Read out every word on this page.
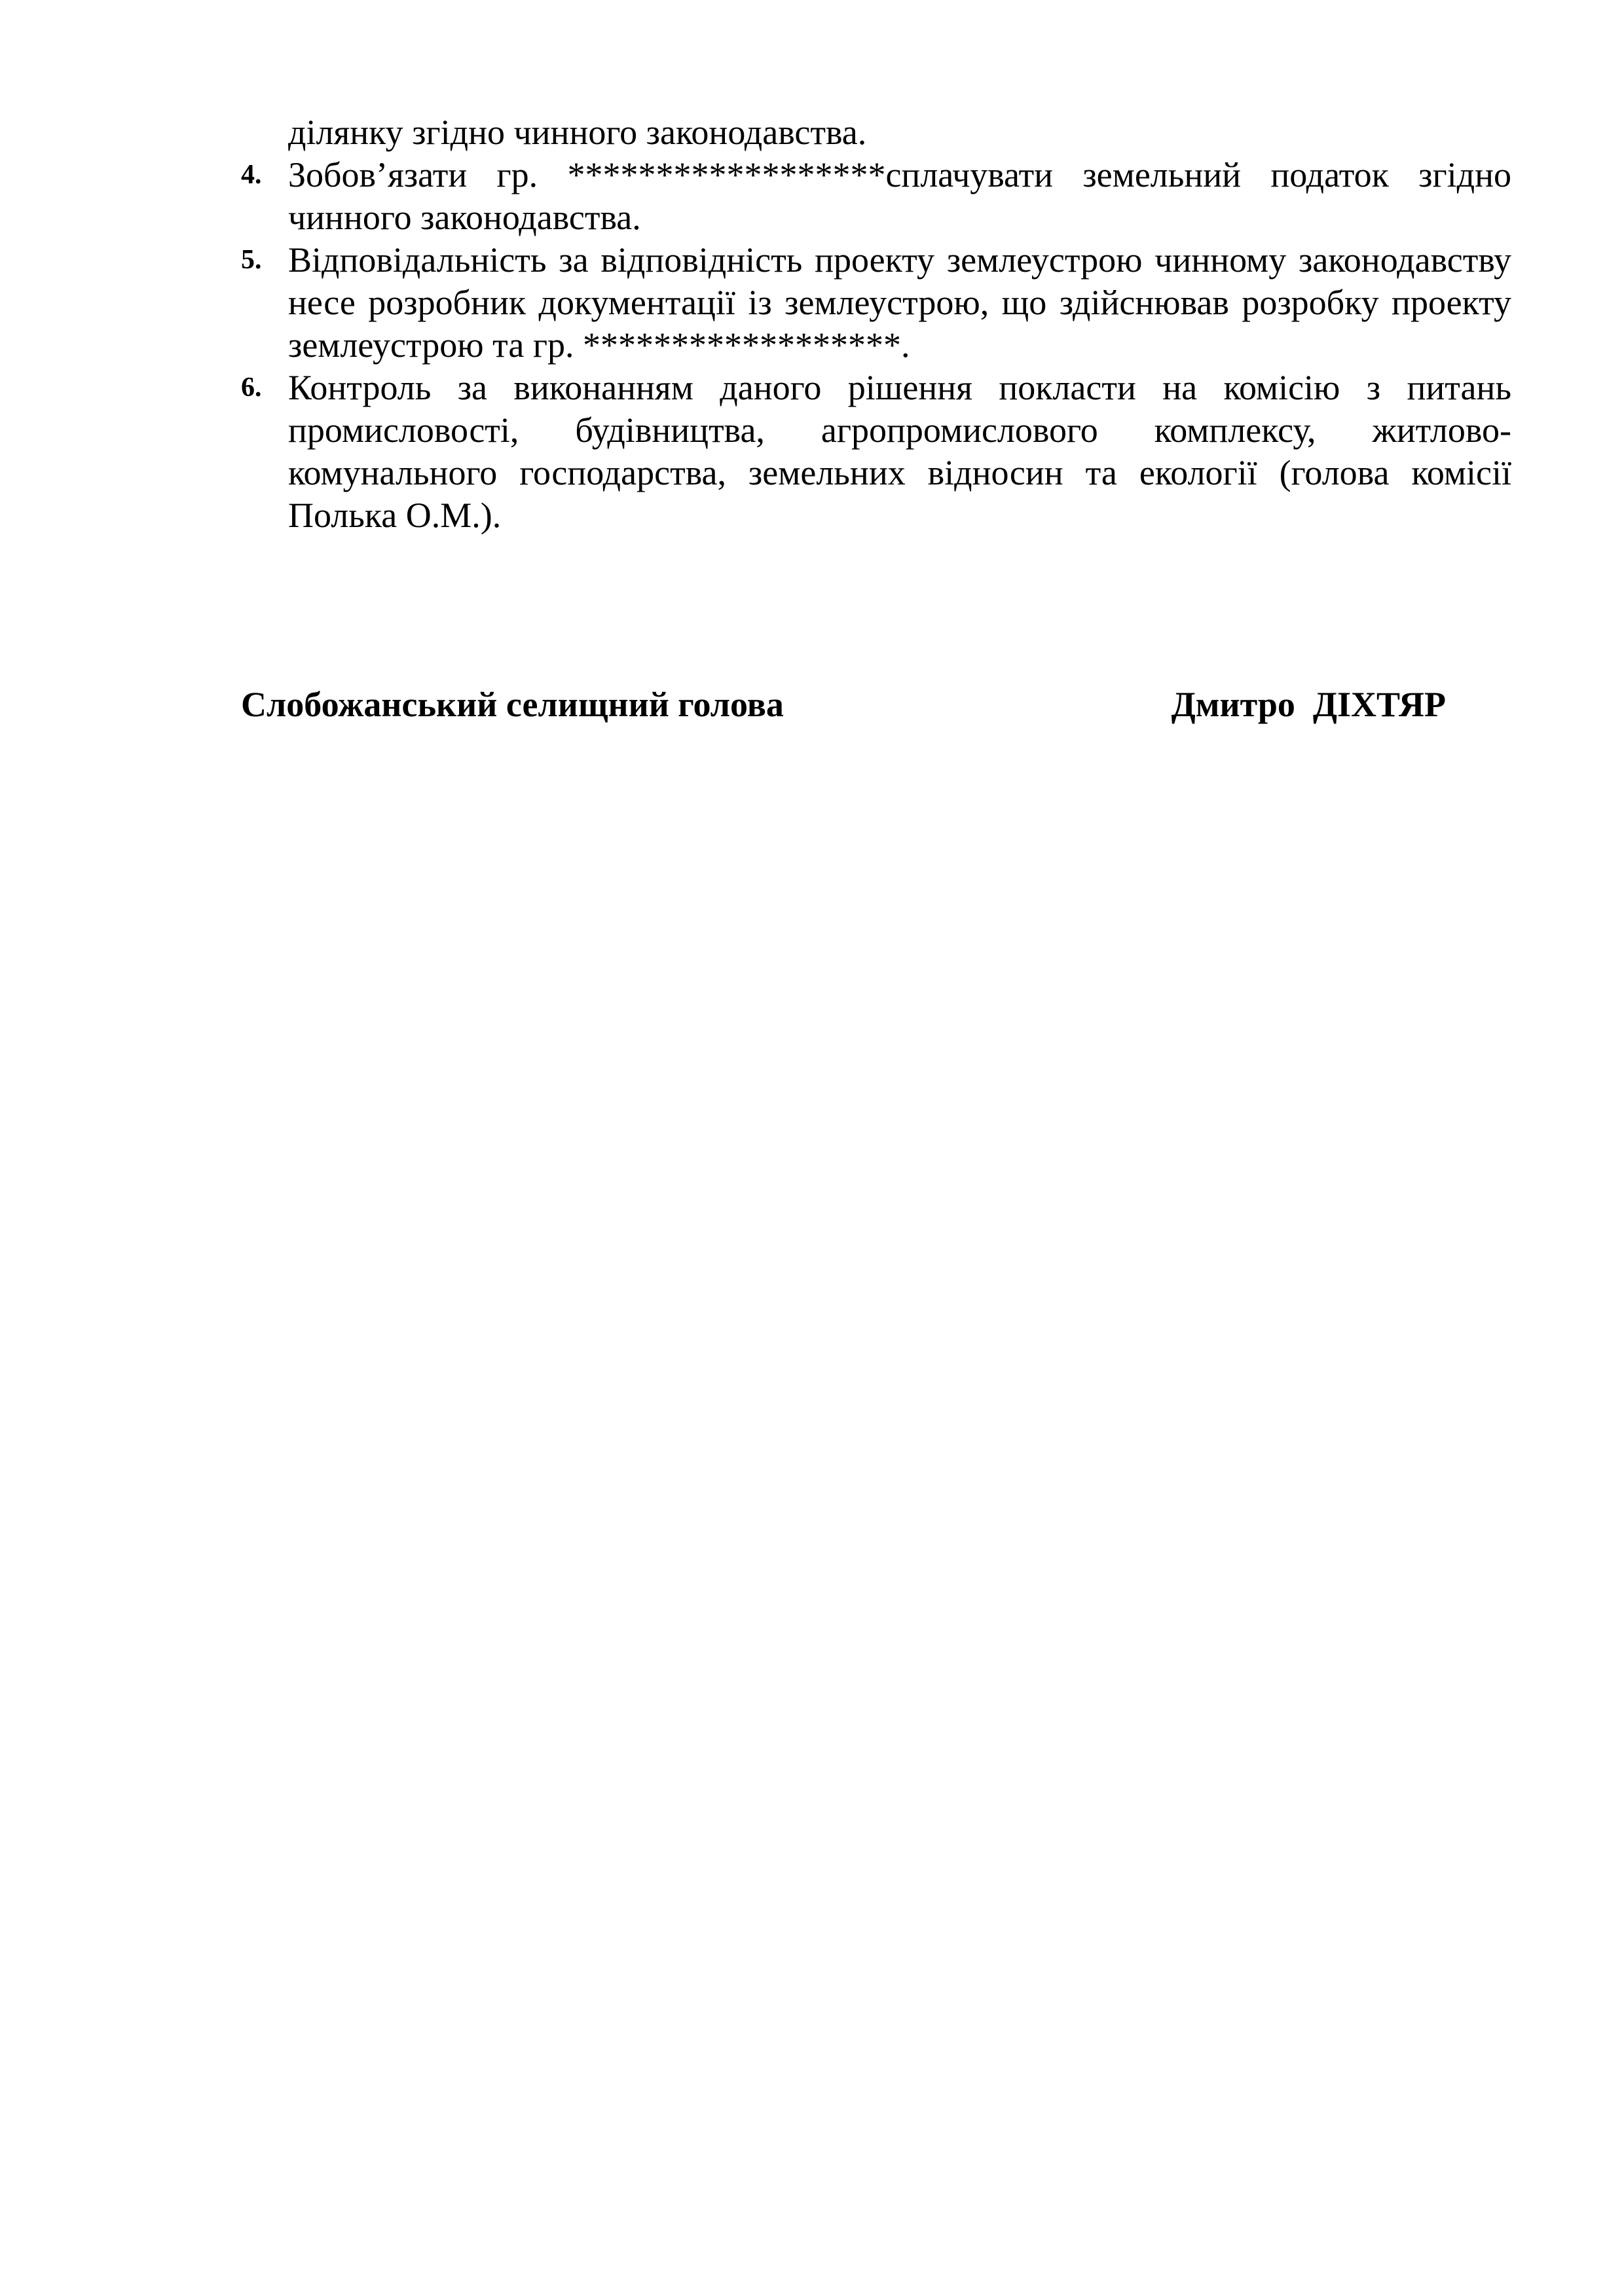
ділянку згідно чинного законодавства.

4. Зобов’язати гр. ******************сплачувати земельний податок згідно чинного законодавства.

5. Відповідальність за відповідність проекту землеустрою чинному законодавству несе розробник документації із землеустрою, що здійснював розробку проекту землеустрою та гр. ******************.

6. Контроль за виконанням даного рішення покласти на комісію з питань промисловості, будівництва, агропромислового комплексу, житлово-комунального господарства, земельних відносин та екології (голова комісії Полька О.М.).

Слобожанський селищний голова	Дмитро  ДІХТЯР
